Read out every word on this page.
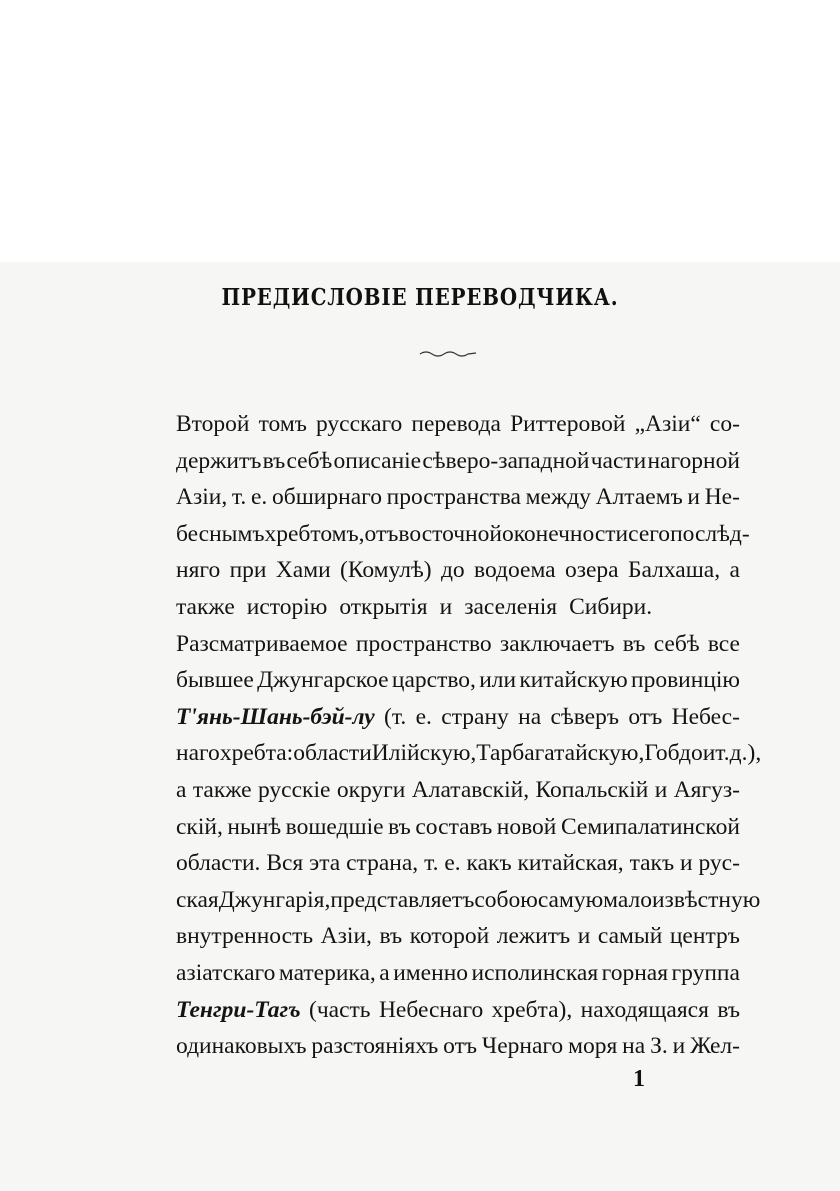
ПРЕДИСЛОВІЕ ПЕРЕВОДЧИКА.
Второй томъ русскаго перевода Риттеровой „Азіи“ со-
держитъ въ себѣ описаніе сѣверо-западной части нагорной
Азіи, т. е. обширнаго пространства между Алтаемъ и Не-
беснымъ хребтомъ, отъ восточной оконечности сего послѣд-
няго при Хами (Комулѣ) до водоема озера Балхаша, а
также исторію открытія и заселенія Сибири.
Разсматриваемое пространство заключаетъ въ себѣ все
бывшее Джунгарское царство, или китайскую провинцію
Т'янь-Шань-бэй-лу (т. е. страну на сѣверъ отъ Небес-
наго хребта: области Илійскую, Тарбагатайскую, Гобдо и т. д.),
а также русскіе округи Алатавскій, Копальскій и Аягуз-
скій, нынѣ вошедшіе въ составъ новой Семипалатинской
области. Вся эта страна, т. е. какъ китайская, такъ и рус-
ская Джунгарія, представляетъ собою самую малоизвѣстную
внутренность Азіи, въ которой лежитъ и самый центръ
азіатскаго материка, а именно исполинская горная группа
Тенгри-Тагъ (часть Небеснаго хребта), находящаяся въ
одинаковыхъ разстояніяхъ отъ Чернаго моря на З. и Жел-
1
